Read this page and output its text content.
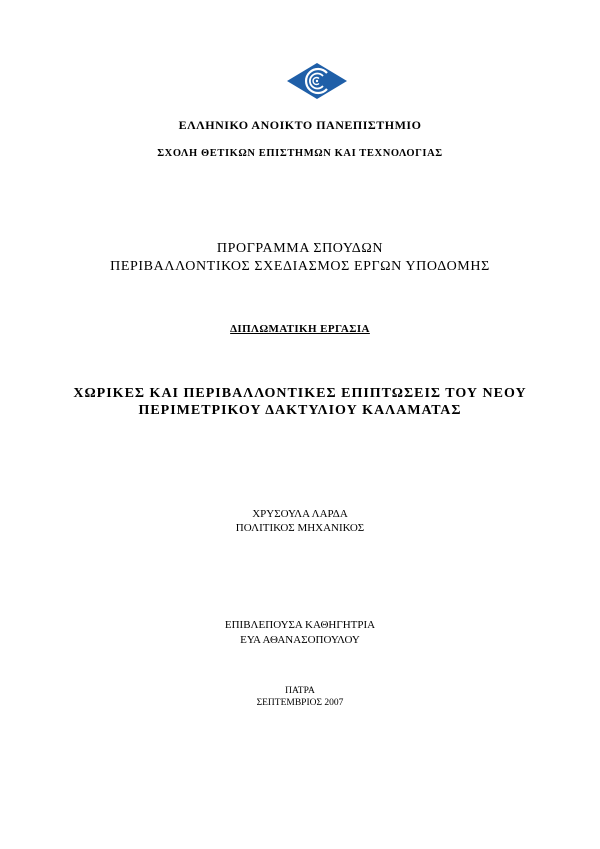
ΕΛΛΗΝΙΚΟ ΑΝΟΙΚΤΟ ΠΑΝΕΠΙΣΤΗΜΙΟ
ΣΧΟΛΗ ΘΕΤΙΚΩΝ ΕΠΙΣΤΗΜΩΝ ΚΑΙ ΤΕΧΝΟΛΟΓΙΑΣ
ΠΡΟΓΡΑΜΜΑ ΣΠΟΥΔΩΝ
ΠΕΡΙΒΑΛΛΟΝΤΙΚΟΣ ΣΧΕΔΙΑΣΜΟΣ ΕΡΓΩΝ ΥΠΟΔΟΜΗΣ
ΔΙΠΛΩΜΑΤΙΚΗ ΕΡΓΑΣΙΑ
ΧΩΡΙΚΕΣ ΚΑΙ ΠΕΡΙΒΑΛΛΟΝΤΙΚΕΣ ΕΠΙΠΤΩΣΕΙΣ ΤΟΥ ΝΕΟΥ
ΠΕΡΙΜΕΤΡΙΚΟΥ ΔΑΚΤΥΛΙΟΥ ΚΑΛΑΜΑΤΑΣ
ΧΡΥΣΟΥΛΑ ΛΑΡΔΑ
ΠΟΛΙΤΙΚΟΣ ΜΗΧΑΝΙΚΟΣ
ΕΠΙΒΛΕΠΟΥΣΑ ΚΑΘΗΓΗΤΡΙΑ
ΕΥΑ ΑΘΑΝΑΣΟΠΟΥΛΟΥ
ΠΑΤΡΑ
ΣΕΠΤΕΜΒΡΙΟΣ 2007
